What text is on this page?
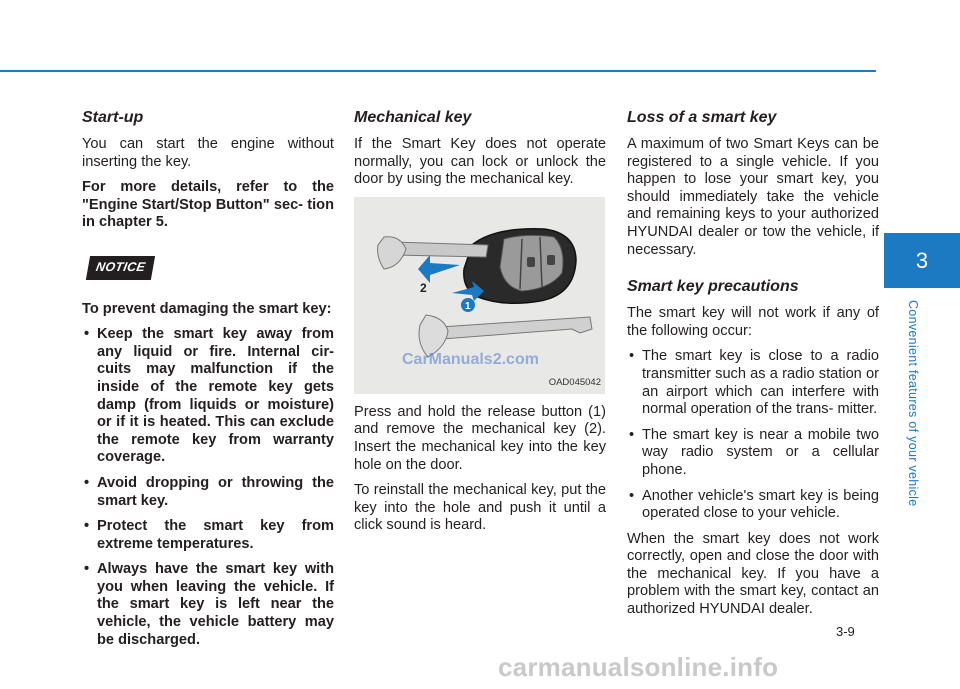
Start-up

You can start the engine without inserting the key.

For more details, refer to the "Engine Start/Stop Button" sec- tion in chapter 5.

NOTICE

To prevent damaging the smart key:

• Keep the smart key away from any liquid or fire. Internal cir- cuits may malfunction if the inside of the remote key gets damp (from liquids or moisture) or if it is heated. This can exclude the remote key from warranty coverage.
• Avoid dropping or throwing the smart key.
• Protect the smart key from extreme temperatures.
• Always have the smart key with you when leaving the vehicle. If the smart key is left near the vehicle, the vehicle battery may be discharged.
Mechanical key

If the Smart Key does not operate normally, you can lock or unlock the door by using the mechanical key.

2
1
CarManuals2.com
OAD045042

Press and hold the release button (1) and remove the mechanical key (2). Insert the mechanical key into the key hole on the door.

To reinstall the mechanical key, put the key into the hole and push it until a click sound is heard.

Loss of a smart key

A maximum of two Smart Keys can be registered to a single vehicle. If you happen to lose your smart key, you should immediately take the vehicle and remaining keys to your authorized HYUNDAI dealer or tow the vehicle, if necessary.

Smart key precautions

The smart key will not work if any of the following occur:

• The smart key is close to a radio transmitter such as a radio station or an airport which can interfere with normal operation of the trans- mitter.
• The smart key is near a mobile two way radio system or a cellular phone.
• Another vehicle's smart key is being operated close to your vehicle.

When the smart key does not work correctly, open and close the door with the mechanical key. If you have a problem with the smart key, contact an authorized HYUNDAI dealer.

3
Convenient features of your vehicle
3-9
carmanualsonline.info
